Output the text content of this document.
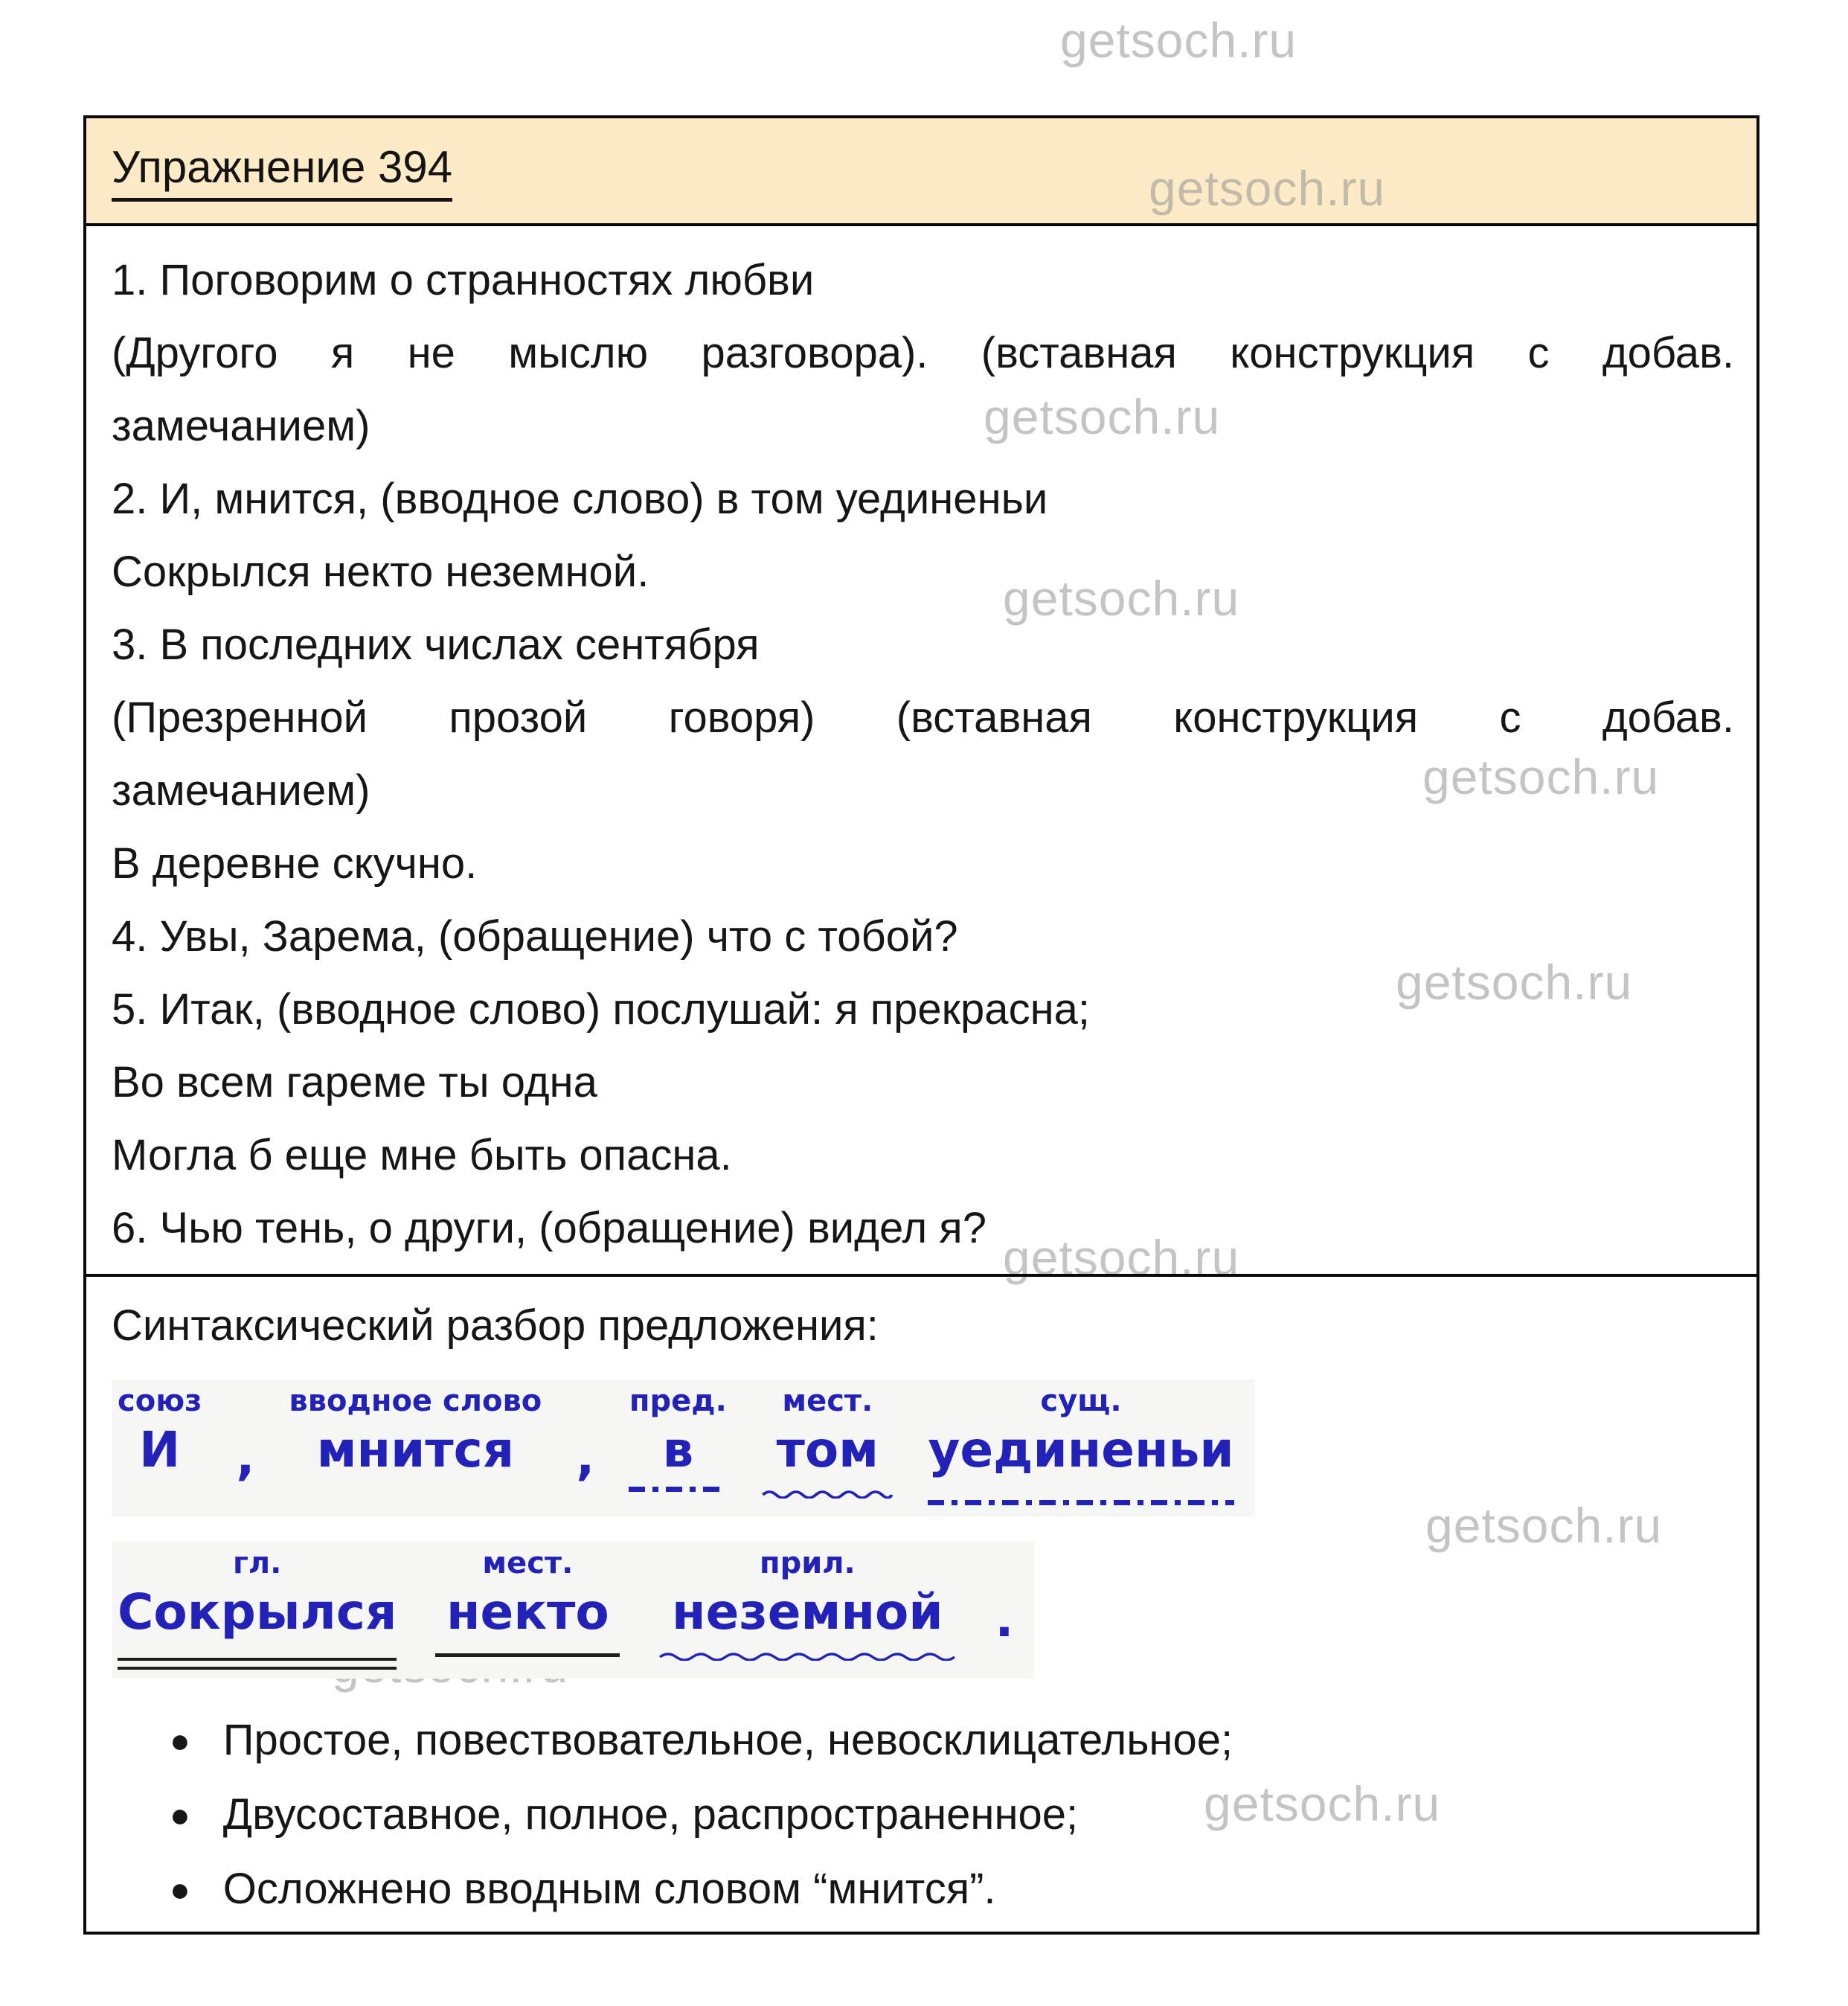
getsoch.ru
getsoch.ru
getsoch.ru
getsoch.ru
getsoch.ru
getsoch.ru
getsoch.ru
getsoch.ru
getsoch.ru
Упражнение 394
1. Поговорим о странностях любви
(Другого я не мыслю разговора). (вставная конструкция с добав.
замечанием)
2. И, мнится, (вводное слово) в том уединеньи
Сокрылся некто неземной.
3. В последних числах сентября
(Презренной прозой говоря) (вставная конструкция с добав.
замечанием)
В деревне скучно.
4. Увы, Зарема, (обращение) что с тобой?
5. Итак, (вводное слово) послушай: я прекрасна;
Во всем гареме ты одна
Могла б еще мне быть опасна.
6. Чью тень, о други, (обращение) видел я?
Синтаксический разбор предложения:
союз
И ,
вводное слово
мнится ,
пред.
в
мест.
том
сущ.
уединеньи
гл.
Сокрылся
мест.
некто
прил.
неземной .
● Простое, повествовательное, невосклицательное;
● Двусоставное, полное, распространенное;
● Осложнено вводным словом “мнится”.
